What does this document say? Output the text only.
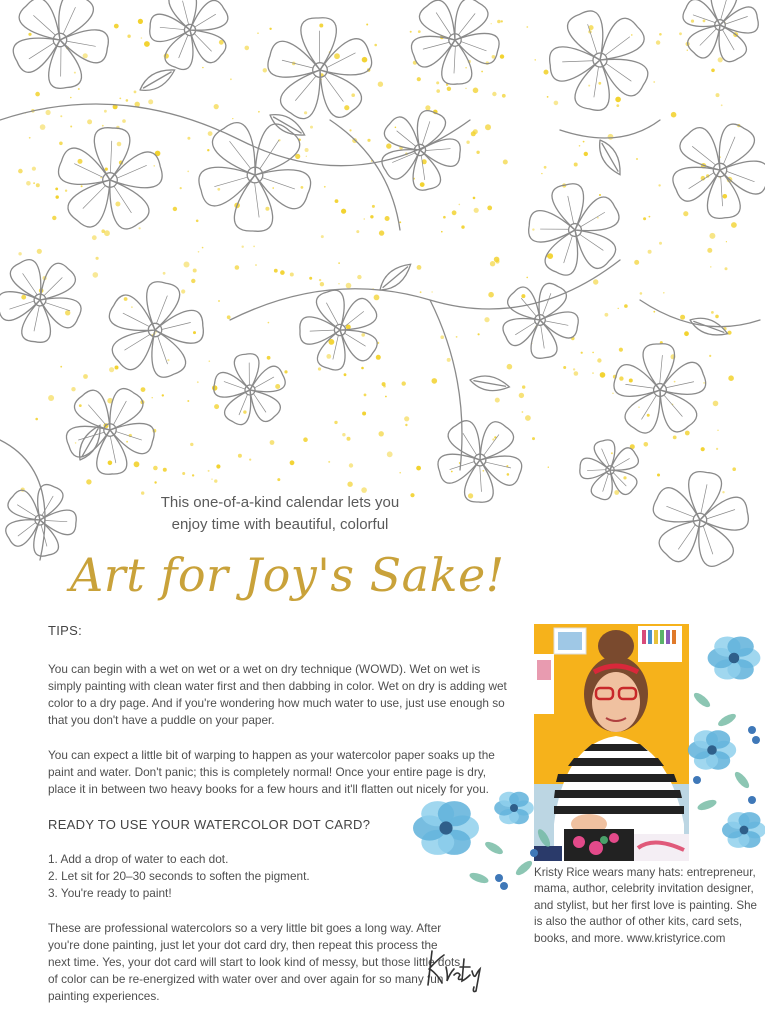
This one-of-a-kind calendar lets you
enjoy time with beautiful, colorful
Art for Joy's Sake!
TIPS:

You can begin with a wet on wet or a wet on dry technique (WOWD). Wet on wet is simply painting with clean water first and then dabbing in color. Wet on dry is adding wet color to a dry page. And if you're wondering how much water to use, just use enough so that you don't have a puddle on your paper.

You can expect a little bit of warping to happen as your watercolor paper soaks up the paint and water. Don't panic; this is completely normal! Once your entire page is dry, place it in between two heavy books for a few hours and it'll flatten out nicely for you.

READY TO USE YOUR WATERCOLOR DOT CARD?
1. Add a drop of water to each dot.
2. Let sit for 20–30 seconds to soften the pigment.
3. You're ready to paint!

These are professional watercolors so a very little bit goes a long way. After you're done painting, just let your dot card dry, then repeat this process the next time. Yes, your dot card will start to look kind of messy, but those little dots of color can be re-energized with water over and over again for so many fun painting experiences.

Kristy Rice wears many hats: entrepreneur, mama, author, celebrity invitation designer, and stylist, but her first love is painting. She is also the author of other kits, card sets, books, and more. www.kristyrice.com
